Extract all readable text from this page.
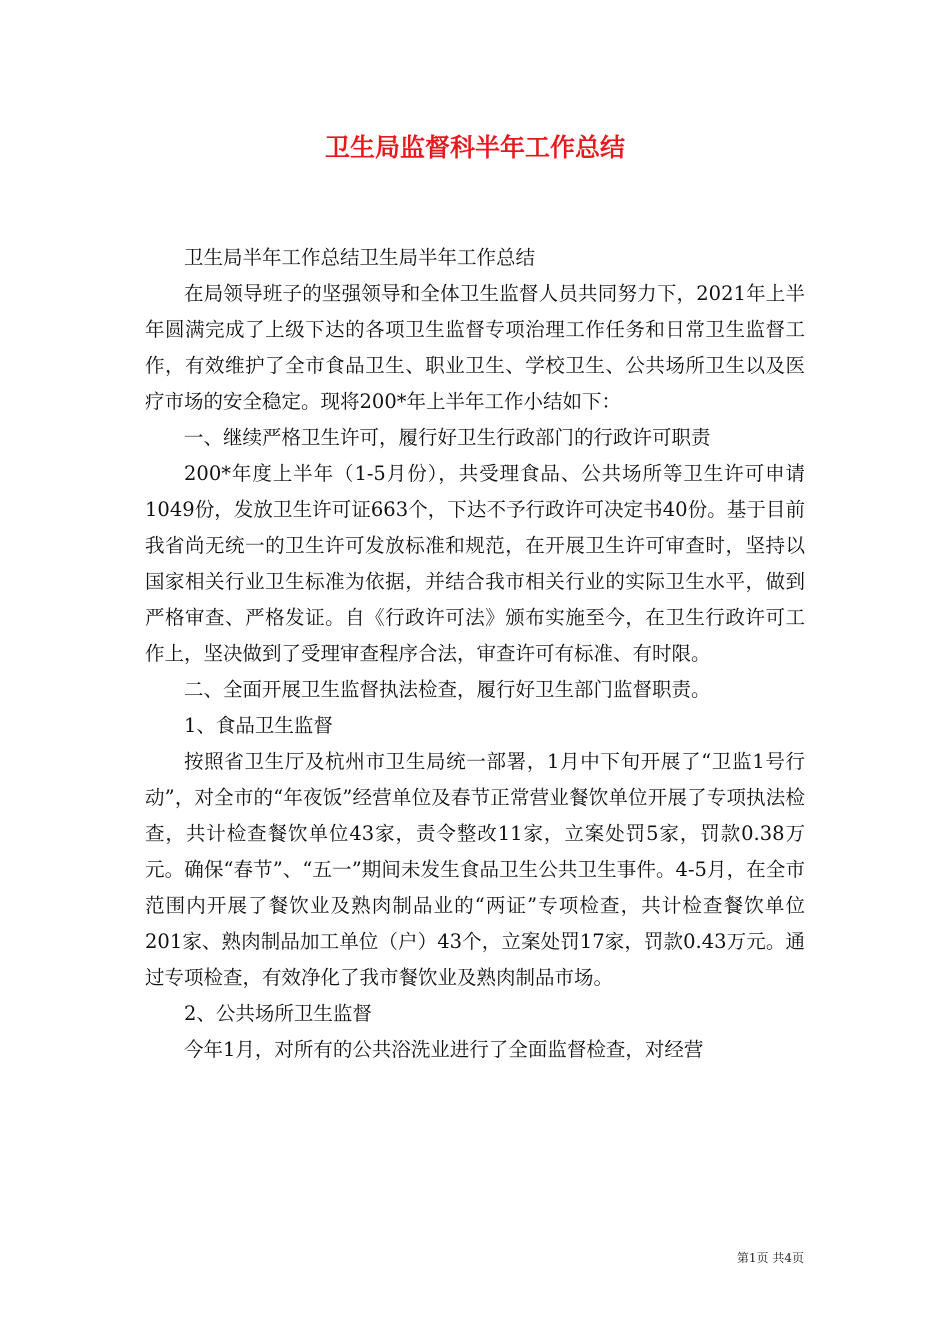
卫生局监督科半年工作总结

卫生局半年工作总结卫生局半年工作总结

在局领导班子的坚强领导和全体卫生监督人员共同努力下，2021年上半年圆满完成了上级下达的各项卫生监督专项治理工作任务和日常卫生监督工作，有效维护了全市食品卫生、职业卫生、学校卫生、公共场所卫生以及医疗市场的安全稳定。现将200*年上半年工作小结如下：

一、继续严格卫生许可，履行好卫生行政部门的行政许可职责

200*年度上半年（1-5月份），共受理食品、公共场所等卫生许可申请1049份，发放卫生许可证663个，下达不予行政许可决定书40份。基于目前我省尚无统一的卫生许可发放标准和规范，在开展卫生许可审查时，坚持以国家相关行业卫生标准为依据，并结合我市相关行业的实际卫生水平，做到严格审查、严格发证。自《行政许可法》颁布实施至今，在卫生行政许可工作上，坚决做到了受理审查程序合法，审查许可有标准、有时限。

二、全面开展卫生监督执法检查，履行好卫生部门监督职责。

1、食品卫生监督

按照省卫生厅及杭州市卫生局统一部署，1月中下旬开展了“卫监1号行动”，对全市的“年夜饭”经营单位及春节正常营业餐饮单位开展了专项执法检查，共计检查餐饮单位43家，责令整改11家，立案处罚5家，罚款0.38万元。确保“春节”、“五一”期间未发生食品卫生公共卫生事件。4-5月，在全市范围内开展了餐饮业及熟肉制品业的“两证”专项检查，共计检查餐饮单位201家、熟肉制品加工单位（户）43个，立案处罚17家，罚款0.43万元。通过专项检查，有效净化了我市餐饮业及熟肉制品市场。

2、公共场所卫生监督

今年1月，对所有的公共浴洗业进行了全面监督检查，对经营

第1页 共4页
